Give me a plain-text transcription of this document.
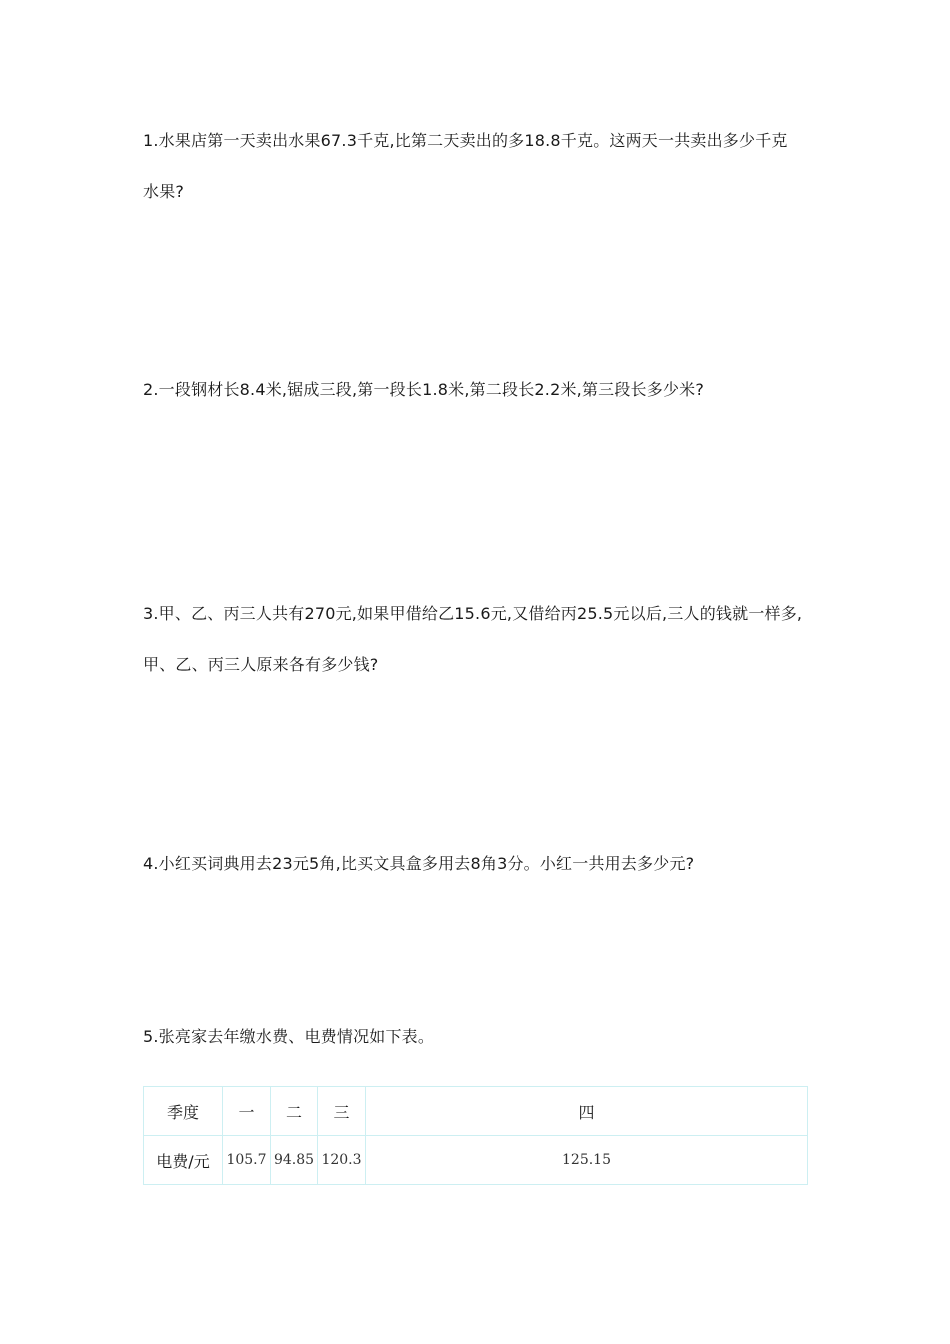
1.水果店第一天卖出水果67.3千克,比第二天卖出的多18.8千克。这两天一共卖出多少千克
水果?
2.一段钢材长8.4米,锯成三段,第一段长1.8米,第二段长2.2米,第三段长多少米?
3.甲、乙、丙三人共有270元,如果甲借给乙15.6元,又借给丙25.5元以后,三人的钱就一样多,
甲、乙、丙三人原来各有多少钱?
4.小红买词典用去23元5角,比买文具盒多用去8角3分。小红一共用去多少元?
5.张亮家去年缴水费、电费情况如下表。
季度	一	二	三	四
电费/元	105.7	94.85	120.3	125.15
